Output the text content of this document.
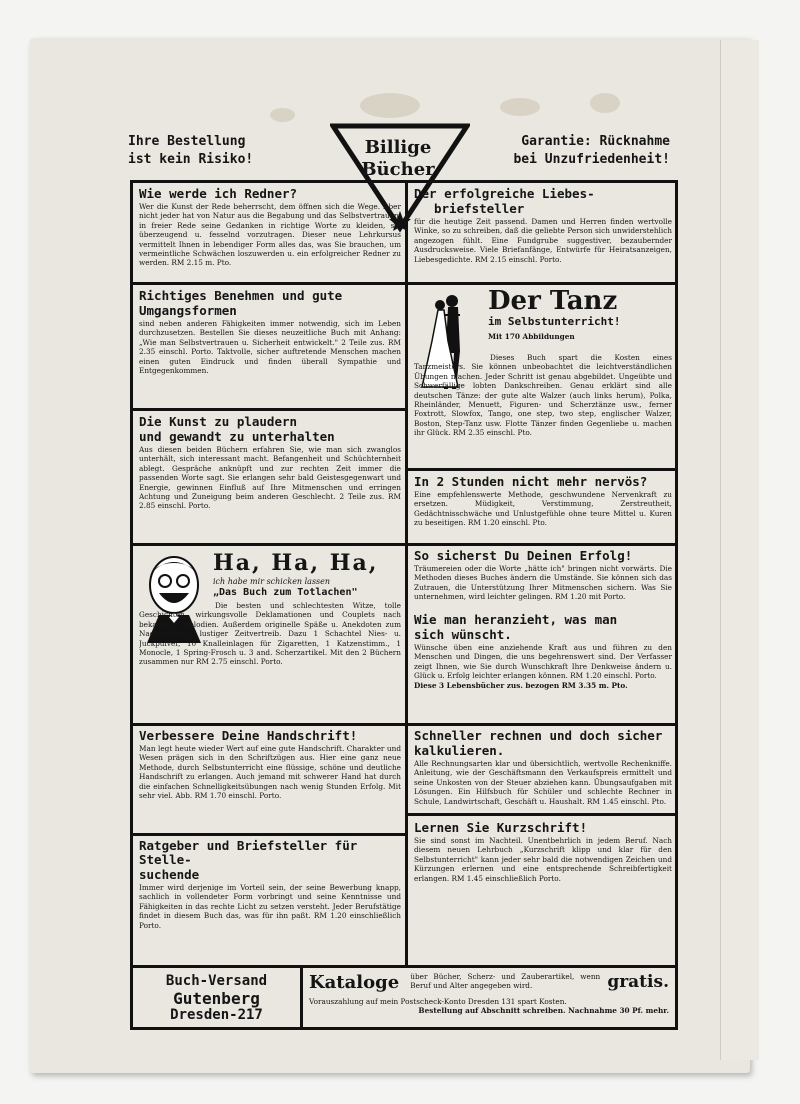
Ihre Bestellung
ist kein Risiko!
Billige
Bücher
Garantie: Rücknahme
bei Unzufriedenheit!
Wie werde ich Redner?

Wer die Kunst der Rede beherrscht, dem öffnen sich die Wege. Aber nicht jeder hat von Natur aus die Begabung und das Selbstvertrauen, in freier Rede seine Gedanken in richtige Worte zu kleiden, sie überzeugend u. fesselnd vorzutragen. Dieser neue Lehrkursus vermittelt Ihnen in lebendiger Form alles das, was Sie brauchen, um vermeintliche Schwächen loszuwerden u. ein erfolgreicher Redner zu werden. RM 2.15 m. Pto.

Der erfolgreiche Liebes-
briefsteller

für die heutige Zeit passend. Damen und Herren finden wertvolle Winke, so zu schreiben, daß die geliebte Person sich unwiderstehlich angezogen fühlt. Eine Fundgrube suggestiver, bezaubernder Ausdrucksweise. Viele Briefanfänge, Entwürfe für Heiratsanzeigen, Liebesgedichte. RM 2.15 einschl. Porto.

Richtiges Benehmen und gute
Umgangsformen

sind neben anderen Fähigkeiten immer notwendig, sich im Leben durchzusetzen. Bestellen Sie dieses neuzeitliche Buch mit Anhang: „Wie man Selbstvertrauen u. Sicherheit entwickelt." 2 Teile zus. RM 2.35 einschl. Porto. Taktvolle, sicher auftretende Menschen machen einen guten Eindruck und finden überall Sympathie und Entgegenkommen.

Der Tanz
im Selbstunterricht!
Mit 170 Abbildungen

Dieses Buch spart die Kosten eines Tanzmeisters. Sie können unbeobachtet die leichtverständlichen Übungen machen. Jeder Schritt ist genau abgebildet. Ungeübte und Schwerfällige lobten Dankschreiben. Genau erklärt sind alle deutschen Tänze: der gute alte Walzer (auch links herum), Polka, Rheinländer, Menuett, Figuren- und Scherztänze usw., ferner Foxtrott, Slowfox, Tango, one step, two step, englischer Walzer, Boston, Step-Tanz usw. Flotte Tänzer finden Gegenliebe u. machen ihr Glück. RM 2.35 einschl. Pto.

Die Kunst zu plaudern
und gewandt zu unterhalten

Aus diesen beiden Büchern erfahren Sie, wie man sich zwanglos unterhält, sich interessant macht. Befangenheit und Schüchternheit ablegt. Gespräche anknüpft und zur rechten Zeit immer die passenden Worte sagt. Sie erlangen sehr bald Geistesgegenwart und Energie, gewinnen Einfluß auf Ihre Mitmenschen und erringen Achtung und Zuneigung beim anderen Geschlecht. 2 Teile zus. RM 2.85 einschl. Porto.

In 2 Stunden nicht mehr nervös?

Eine empfehlenswerte Methode, geschwundene Nervenkraft zu ersetzen. Müdigkeit, Verstimmung, Zerstreutheit, Gedächtnisschwäche und Unlustgefühle ohne teure Mittel u. Kuren zu beseitigen. RM 1.20 einschl. Pto.

Ha, Ha, Ha,
ich habe mir schicken lassen
„Das Buch zum Totlachen"

Die besten und schlechtesten Witze, tolle Geschichten, wirkungsvolle Deklamationen und Couplets nach bekannten Melodien. Außerdem originelle Späße u. Anekdoten zum Nacherzählen, lustiger Zeitvertreib. Dazu 1 Schachtel Nies- u. Juckpulver, 10 Knalleinlagen für Zigaretten, 1 Katzenstimm., 1 Monocle, 1 Spring-Frosch u. 3 and. Scherzartikel. Mit den 2 Büchern zusammen nur RM 2.75 einschl. Porto.

So sicherst Du Deinen Erfolg!

Träumereien oder die Worte „hätte ich" bringen nicht vorwärts. Die Methoden dieses Buches ändern die Umstände. Sie können sich das Zutrauen, die Unterstützung Ihrer Mitmenschen sichern. Was Sie unternehmen, wird leichter gelingen. RM 1.20 mit Porto.

Wie man heranzieht, was man
sich wünscht.

Wünsche üben eine anziehende Kraft aus und führen zu den Menschen und Dingen, die uns begehrenswert sind. Der Verfasser zeigt Ihnen, wie Sie durch Wunschkraft Ihre Denkweise ändern u. Glück u. Erfolg leichter erlangen können. RM 1.20 einschl. Porto.

Diese 3 Lebensbücher zus. bezogen RM 3.35 m. Pto.

Verbessere Deine Handschrift!

Man legt heute wieder Wert auf eine gute Handschrift. Charakter und Wesen prägen sich in den Schriftzügen aus. Hier eine ganz neue Methode, durch Selbstunterricht eine flüssige, schöne und deutliche Handschrift zu erlangen. Auch jemand mit schwerer Hand hat durch die einfachen Schnelligkeitsübungen nach wenig Stunden Erfolg. Mit sehr viel. Abb. RM 1.70 einschl. Porto.

Schneller rechnen und doch sicher
kalkulieren.

Alle Rechnungsarten klar und übersichtlich, wertvolle Rechenkniffe. Anleitung, wie der Geschäftsmann den Verkaufspreis ermittelt und seine Unkosten von der Steuer abziehen kann. Übungsaufgaben mit Lösungen. Ein Hilfsbuch für Schüler und schlechte Rechner in Schule, Landwirtschaft, Geschäft u. Haushalt. RM 1.45 einschl. Pto.

Ratgeber und Briefsteller für Stelle-
suchende

Immer wird derjenige im Vorteil sein, der seine Bewerbung knapp, sachlich in vollendeter Form vorbringt und seine Kenntnisse und Fähigkeiten in das rechte Licht zu setzen versteht. Jeder Berufstätige findet in diesem Buch das, was für ihn paßt. RM 1.20 einschließlich Porto.

Lernen Sie Kurzschrift!

Sie sind sonst im Nachteil. Unentbehrlich in jedem Beruf. Nach diesem neuen Lehrbuch „Kurzschrift klipp und klar für den Selbstunterricht" kann jeder sehr bald die notwendigen Zeichen und Kürzungen erlernen und eine entsprechende Schreibfertigkeit erlangen. RM 1.45 einschließlich Porto.

Buch-Versand
Gutenberg
Dresden-217
Kataloge über Bücher, Scherz- und Zauberartikel, wenn Beruf und Alter angegeben wird.	gratis.
Vorauszahlung auf mein Postscheck-Konto Dresden 131 spart Kosten.
Bestellung auf Abschnitt schreiben. Nachnahme 30 Pf. mehr.
